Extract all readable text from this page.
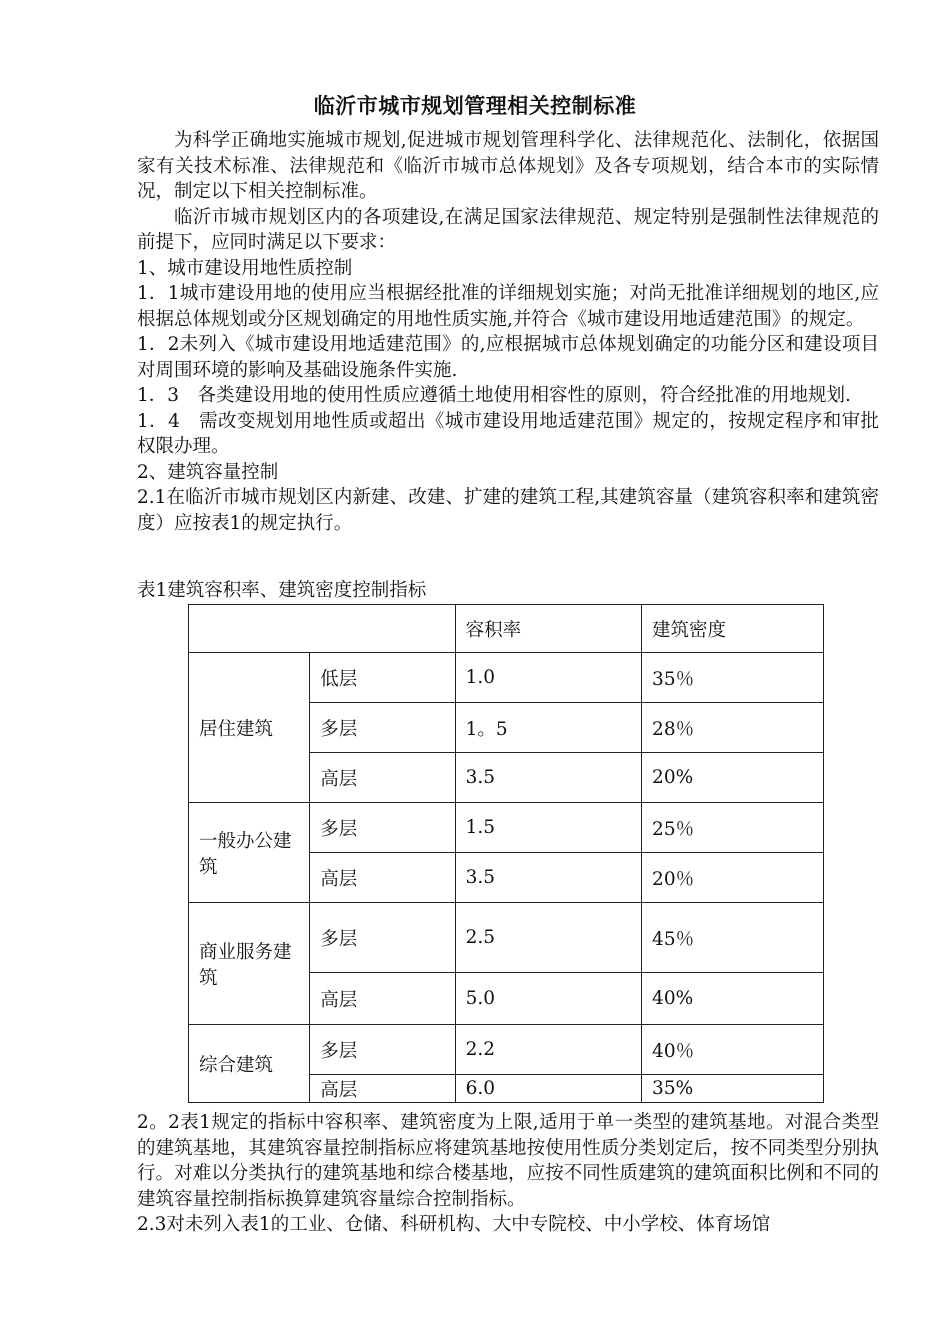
临沂市城市规划管理相关控制标准

为科学正确地实施城市规划,促进城市规划管理科学化、法律规范化、法制化，依据国家有关技术标准、法律规范和《临沂市城市总体规划》及各专项规划，结合本市的实际情况，制定以下相关控制标准。

临沂市城市规划区内的各项建设,在满足国家法律规范、规定特别是强制性法律规范的前提下，应同时满足以下要求：

1、城市建设用地性质控制

1．1城市建设用地的使用应当根据经批准的详细规划实施；对尚无批准详细规划的地区,应根据总体规划或分区规划确定的用地性质实施,并符合《城市建设用地适建范围》的规定。

1．2未列入《城市建设用地适建范围》的,应根据城市总体规划确定的功能分区和建设项目对周围环境的影响及基础设施条件实施.

1．3　各类建设用地的使用性质应遵循土地使用相容性的原则，符合经批准的用地规划.

1．4　需改变规划用地性质或超出《城市建设用地适建范围》规定的，按规定程序和审批权限办理。

2、建筑容量控制

2.1在临沂市城市规划区内新建、改建、扩建的建筑工程,其建筑容量（建筑容积率和建筑密度）应按表1的规定执行。

表1建筑容积率、建筑密度控制指标
		容积率	建筑密度
居住建筑	低层	1.0	35％
	多层	1。5	28％
	高层	3.5	20%
一般办公建　筑	多层	1.5	25％
	高层	3.5	20％
商业服务建筑	多层	2.5	45％
	高层	5.0	40%
综合建筑	多层	2.2	40％
	高层	6.0	35%

2。2表1规定的指标中容积率、建筑密度为上限,适用于单一类型的建筑基地。对混合类型的建筑基地，其建筑容量控制指标应将建筑基地按使用性质分类划定后，按不同类型分别执行。对难以分类执行的建筑基地和综合楼基地，应按不同性质建筑的建筑面积比例和不同的建筑容量控制指标换算建筑容量综合控制指标。

2.3对未列入表1的工业、仓储、科研机构、大中专院校、中小学校、体育场馆
